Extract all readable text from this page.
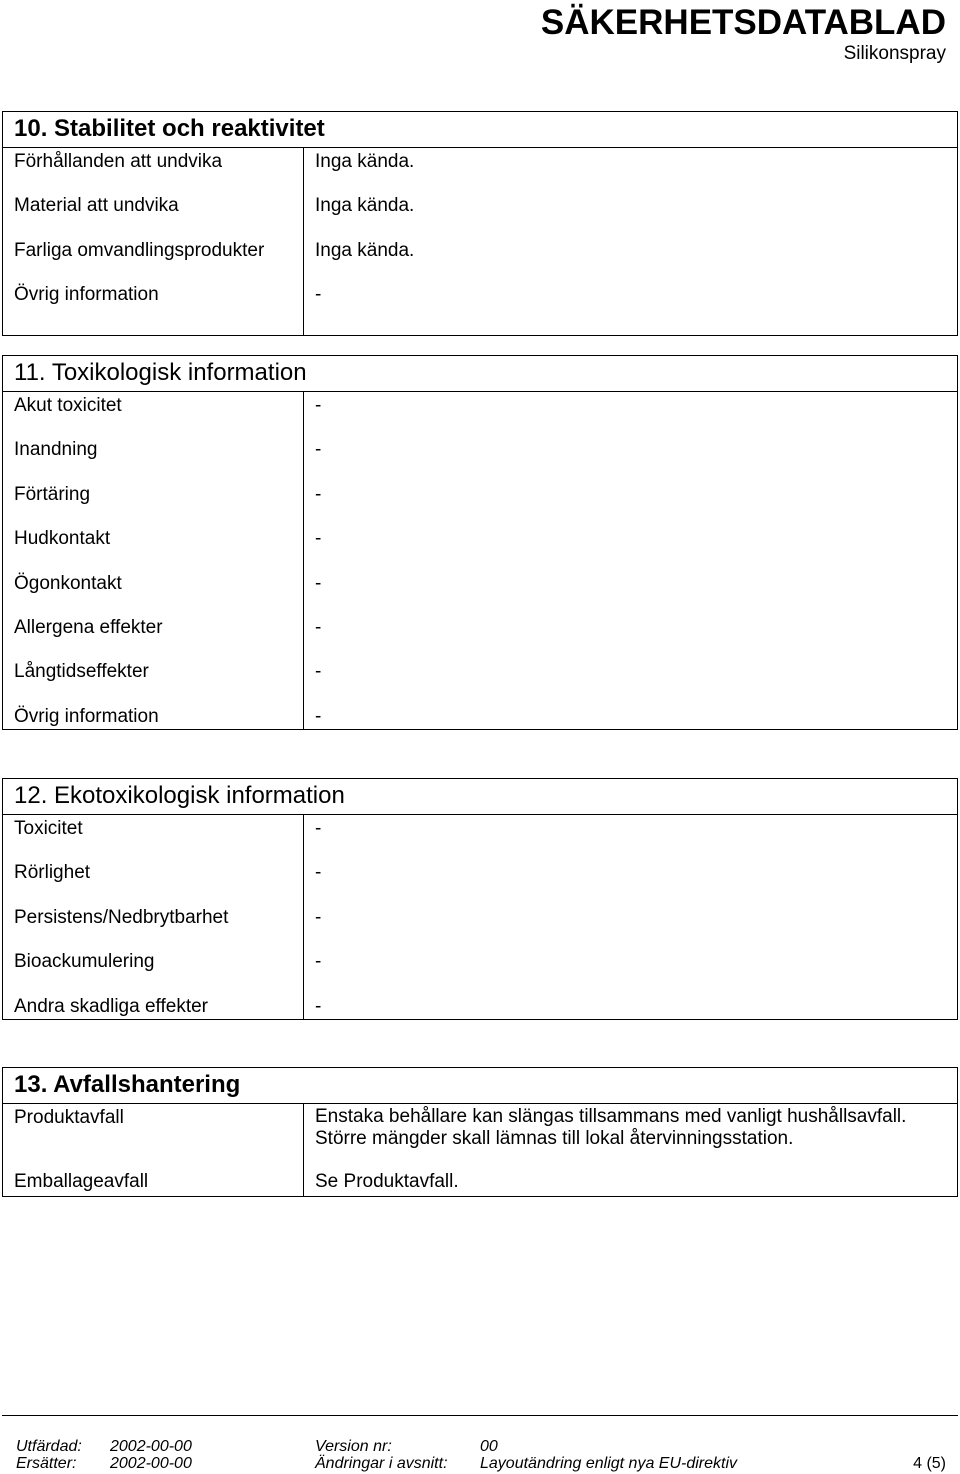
SÄKERHETSDATABLAD
Silikonspray
10. Stabilitet och reaktivitet
Förhållanden att undvika	Inga kända.
Material att undvika	Inga kända.
Farliga omvandlingsprodukter	Inga kända.
Övrig information	-
11. Toxikologisk information
Akut toxicitet	-
Inandning	-
Förtäring	-
Hudkontakt	-
Ögonkontakt	-
Allergena effekter	-
Långtidseffekter	-
Övrig information	-
12. Ekotoxikologisk information
Toxicitet	-
Rörlighet	-
Persistens/Nedbrytbarhet	-
Bioackumulering	-
Andra skadliga effekter	-
13. Avfallshantering
Produktavfall	Enstaka behållare kan slängas tillsammans med vanligt hushållsavfall. Större mängder skall lämnas till lokal återvinningsstation.
Emballageavfall	Se Produktavfall.
Utfärdad: 2002-00-00	Version nr:	00
Ersätter: 2002-00-00	Ändringar i avsnitt: Layoutändring enligt nya EU-direktiv	4 (5)
